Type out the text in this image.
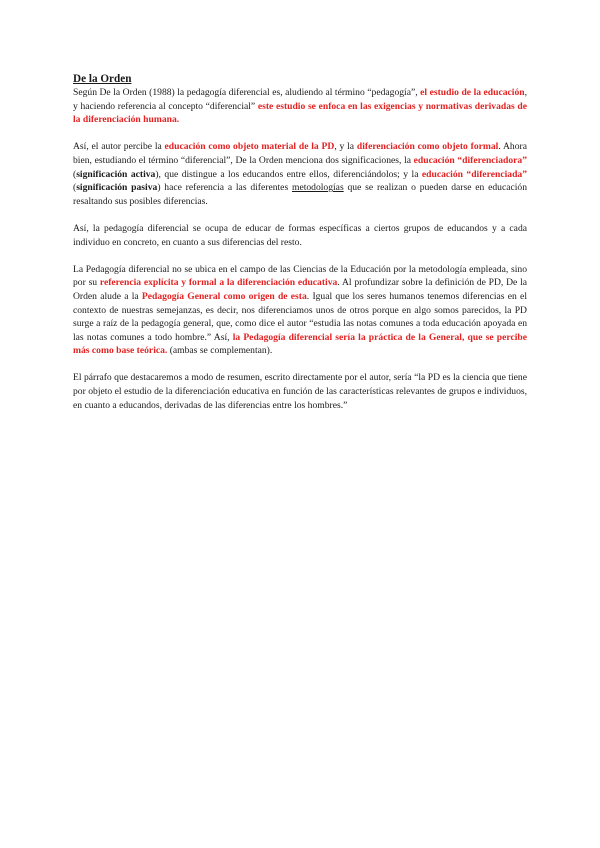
De la Orden

Según De la Orden (1988) la pedagogía diferencial es, aludiendo al término “pedagogía”, el estudio de la educación, y haciendo referencia al concepto “diferencial” este estudio se enfoca en las exigencias y normativas derivadas de la diferenciación humana.

Así, el autor percibe la educación como objeto material de la PD, y la diferenciación como objeto formal. Ahora bien, estudiando el término “diferencial”, De la Orden menciona dos significaciones, la educación “diferenciadora” (significación activa), que distingue a los educandos entre ellos, diferenciándolos; y la educación “diferenciada” (significación pasiva) hace referencia a las diferentes metodologías que se realizan o pueden darse en educación resaltando sus posibles diferencias.

Así, la pedagogía diferencial se ocupa de educar de formas específicas a ciertos grupos de educandos y a cada individuo en concreto, en cuanto a sus diferencias del resto.

La Pedagogía diferencial no se ubica en el campo de las Ciencias de la Educación por la metodología empleada, sino por su referencia explícita y formal a la diferenciación educativa. Al profundizar sobre la definición de PD, De la Orden alude a la Pedagogía General como origen de esta. Igual que los seres humanos tenemos diferencias en el contexto de nuestras semejanzas, es decir, nos diferenciamos unos de otros porque en algo somos parecidos, la PD surge a raíz de la pedagogía general, que, como dice el autor “estudia las notas comunes a toda educación apoyada en las notas comunes a todo hombre.” Así, la Pedagogía diferencial sería la práctica de la General, que se percibe más como base teórica. (ambas se complementan).

El párrafo que destacaremos a modo de resumen, escrito directamente por el autor, sería “la PD es la ciencia que tiene por objeto el estudio de la diferenciación educativa en función de las características relevantes de grupos e individuos, en cuanto a educandos, derivadas de las diferencias entre los hombres.”
